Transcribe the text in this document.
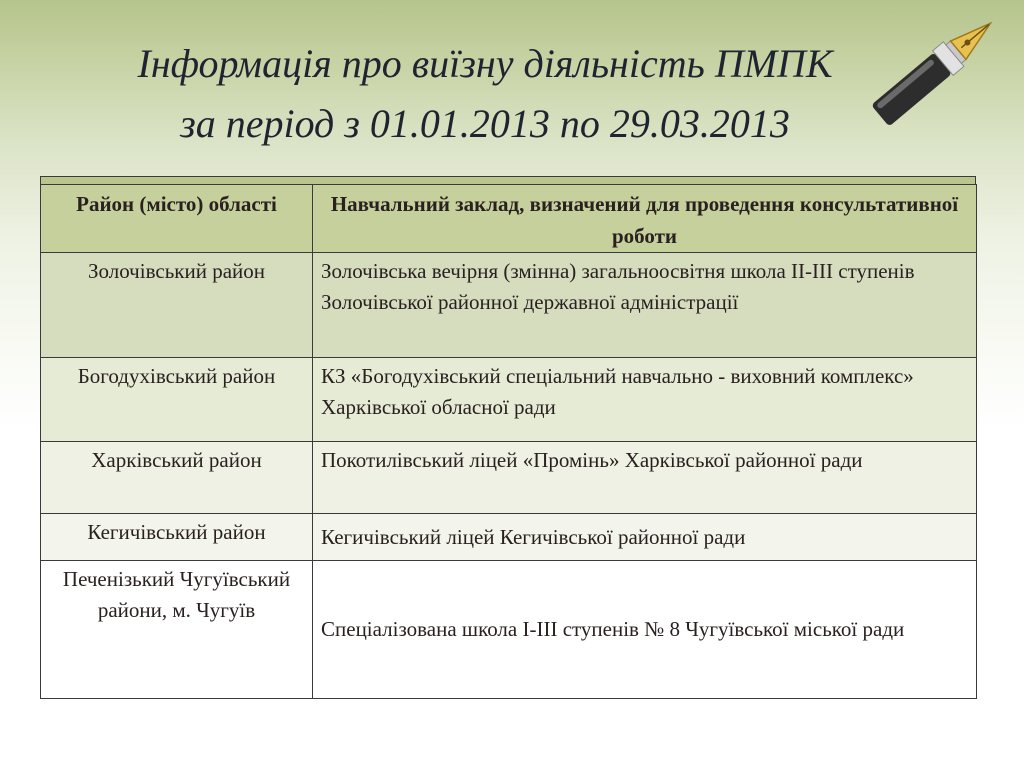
Інформація про виїзну діяльність ПМПК
за період з 01.01.2013 по 29.03.2013
Район (місто) області	Навчальний заклад, визначений для проведення консультативної роботи
Золочівський район	Золочівська вечірня (змінна) загальноосвітня школа ІІ-ІІІ ступенів Золочівської районної державної адміністрації
Богодухівський район	КЗ «Богодухівський спеціальний навчально - виховний комплекс» Харківської обласної ради
Харківський район	Покотилівський ліцей «Промінь» Харківської районної ради
Кегичівський район	Кегичівський ліцей Кегичівської районної ради
Печенізький Чугуївський райони, м. Чугуїв	Спеціалізована школа І-ІІІ ступенів № 8 Чугуївської міської ради
